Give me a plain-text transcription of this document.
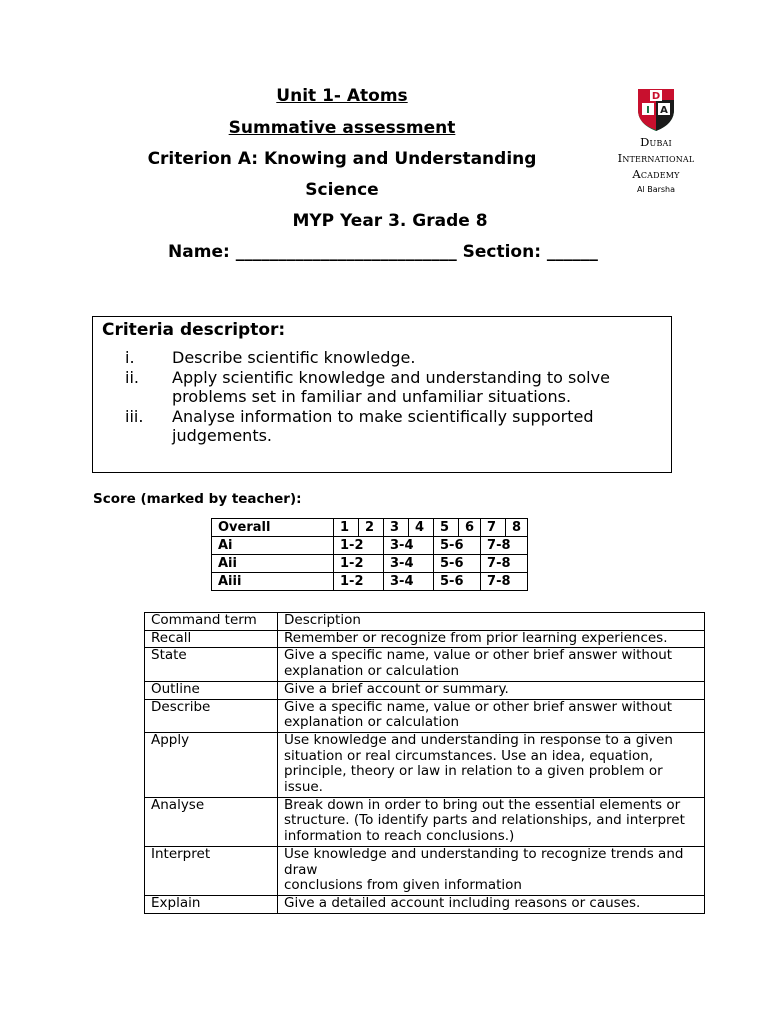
Unit 1- Atoms
Summative assessment
Criterion A: Knowing and Understanding
Science
MYP Year 3. Grade 8
Name: __________________________ Section: ______
D
I A
Dubai
International
Academy
Al Barsha
Criteria descriptor:
i.	Describe scientific knowledge.
ii.	Apply scientific knowledge and understanding to solve problems set in familiar and unfamiliar situations.
iii.	Analyse information to make scientifically supported judgements.
Score (marked by teacher):
Overall	1	2	3	4	5	6	7	8
Ai	1-2		3-4		5-6		7-8	
Aii	1-2		3-4		5-6		7-8	
Aiii	1-2		3-4		5-6		7-8	
Command term	Description
Recall	Remember or recognize from prior learning experiences.
State	Give a specific name, value or other brief answer without explanation or calculation
Outline	Give a brief account or summary.
Describe	Give a specific name, value or other brief answer without explanation or calculation
Apply	Use knowledge and understanding in response to a given situation or real circumstances. Use an idea, equation, principle, theory or law in relation to a given problem or issue.
Analyse	Break down in order to bring out the essential elements or structure. (To identify parts and relationships, and interpret information to reach conclusions.)
Interpret	Use knowledge and understanding to recognize trends and draw
conclusions from given information
Explain	Give a detailed account including reasons or causes.
